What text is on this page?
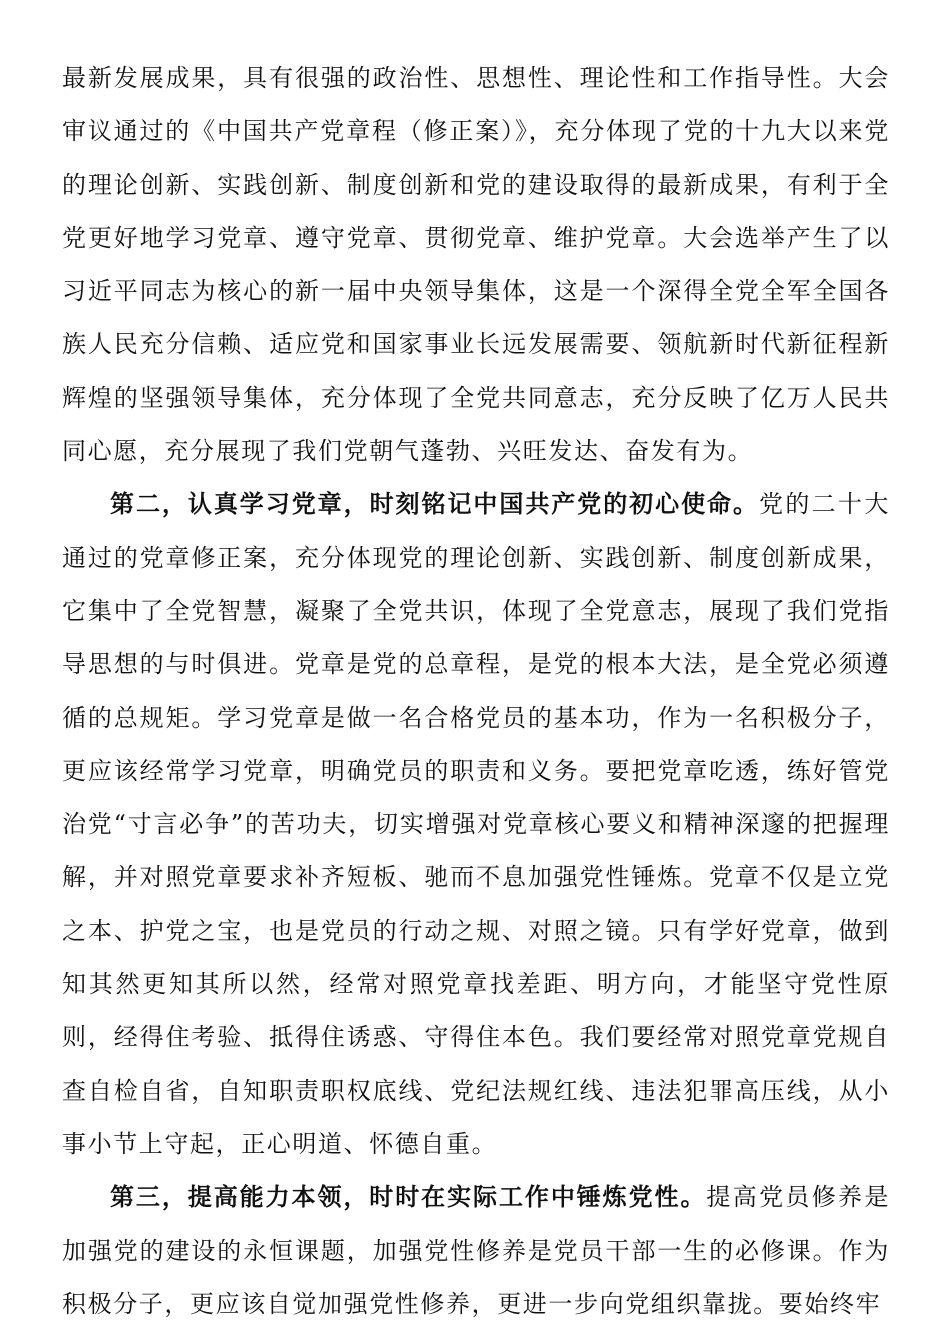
最新发展成果，具有很强的政治性、思想性、理论性和工作指导性。大会审议通过的《中国共产党章程（修正案）》，充分体现了党的十九大以来党的理论创新、实践创新、制度创新和党的建设取得的最新成果，有利于全党更好地学习党章、遵守党章、贯彻党章、维护党章。大会选举产生了以习近平同志为核心的新一届中央领导集体，这是一个深得全党全军全国各族人民充分信赖、适应党和国家事业长远发展需要、领航新时代新征程新辉煌的坚强领导集体，充分体现了全党共同意志，充分反映了亿万人民共同心愿，充分展现了我们党朝气蓬勃、兴旺发达、奋发有为。

第二，认真学习党章，时刻铭记中国共产党的初心使命。党的二十大通过的党章修正案，充分体现党的理论创新、实践创新、制度创新成果，它集中了全党智慧，凝聚了全党共识，体现了全党意志，展现了我们党指导思想的与时俱进。党章是党的总章程，是党的根本大法，是全党必须遵循的总规矩。学习党章是做一名合格党员的基本功，作为一名积极分子，更应该经常学习党章，明确党员的职责和义务。要把党章吃透，练好管党治党“寸言必争”的苦功夫，切实增强对党章核心要义和精神深邃的把握理解，并对照党章要求补齐短板、驰而不息加强党性锤炼。党章不仅是立党之本、护党之宝，也是党员的行动之规、对照之镜。只有学好党章，做到知其然更知其所以然，经常对照党章找差距、明方向，才能坚守党性原则，经得住考验、抵得住诱惑、守得住本色。我们要经常对照党章党规自查自检自省，自知职责职权底线、党纪法规红线、违法犯罪高压线，从小事小节上守起，正心明道、怀德自重。

第三，提高能力本领，时时在实际工作中锤炼党性。提高党员修养是加强党的建设的永恒课题，加强党性修养是党员干部一生的必修课。作为积极分子，更应该自觉加强党性修养，更进一步向党组织靠拢。要始终牢
